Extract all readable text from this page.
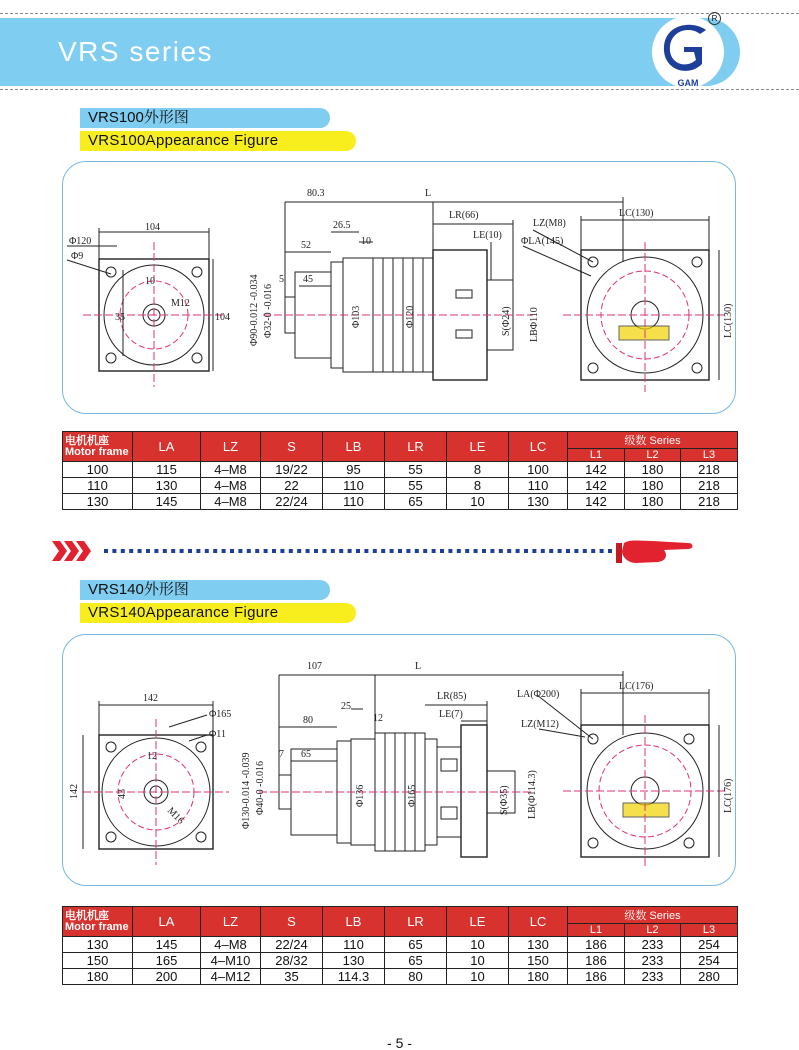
VRS series
GAM
R
VRS100外形图
VRS100Appearance Figure
104
Φ120
Φ9
10
M12
35	104
80.3	L
26.5
LR(66)
52	10
LE(10)
45
5
Φ90-0.012 -0.034 Φ32-0 -0.016	Φ103	Φ120	S(Φ24) LBΦ110
LZ(M8)
ΦLA(145)
LC(130)
LC(130)
电机机座
Motor frame	LA	LZ	S	LB	LR	LE	LC	级数 Series		
								L1	L2	L3
100	115	4–M8	19/22	95	55	8	100	142	180	218
110	130	4–M8	22	110	55	8	110	142	180	218
130	145	4–M8	22/24	110	65	10	130	142	180	218
VRS140外形图
VRS140Appearance Figure
142
Φ165
Φ11
12
M16
43
142
107	L
25
LR(85)
80	12	LE(7)
65
7
Φ130-0.014 -0.039 Φ40-0 -0.016	Φ136	Φ165	S(Φ35) LB(Φ114.3)
LA(Φ200)
LZ(M12)
LC(176)
LC(176)
电机机座
Motor frame	LA	LZ	S	LB	LR	LE	LC	级数 Series		
								L1	L2	L3
130	145	4–M8	22/24	110	65	10	130	186	233	254
150	165	4–M10	28/32	130	65	10	150	186	233	254
180	200	4–M12	35	114.3	80	10	180	186	233	280
- 5 -
